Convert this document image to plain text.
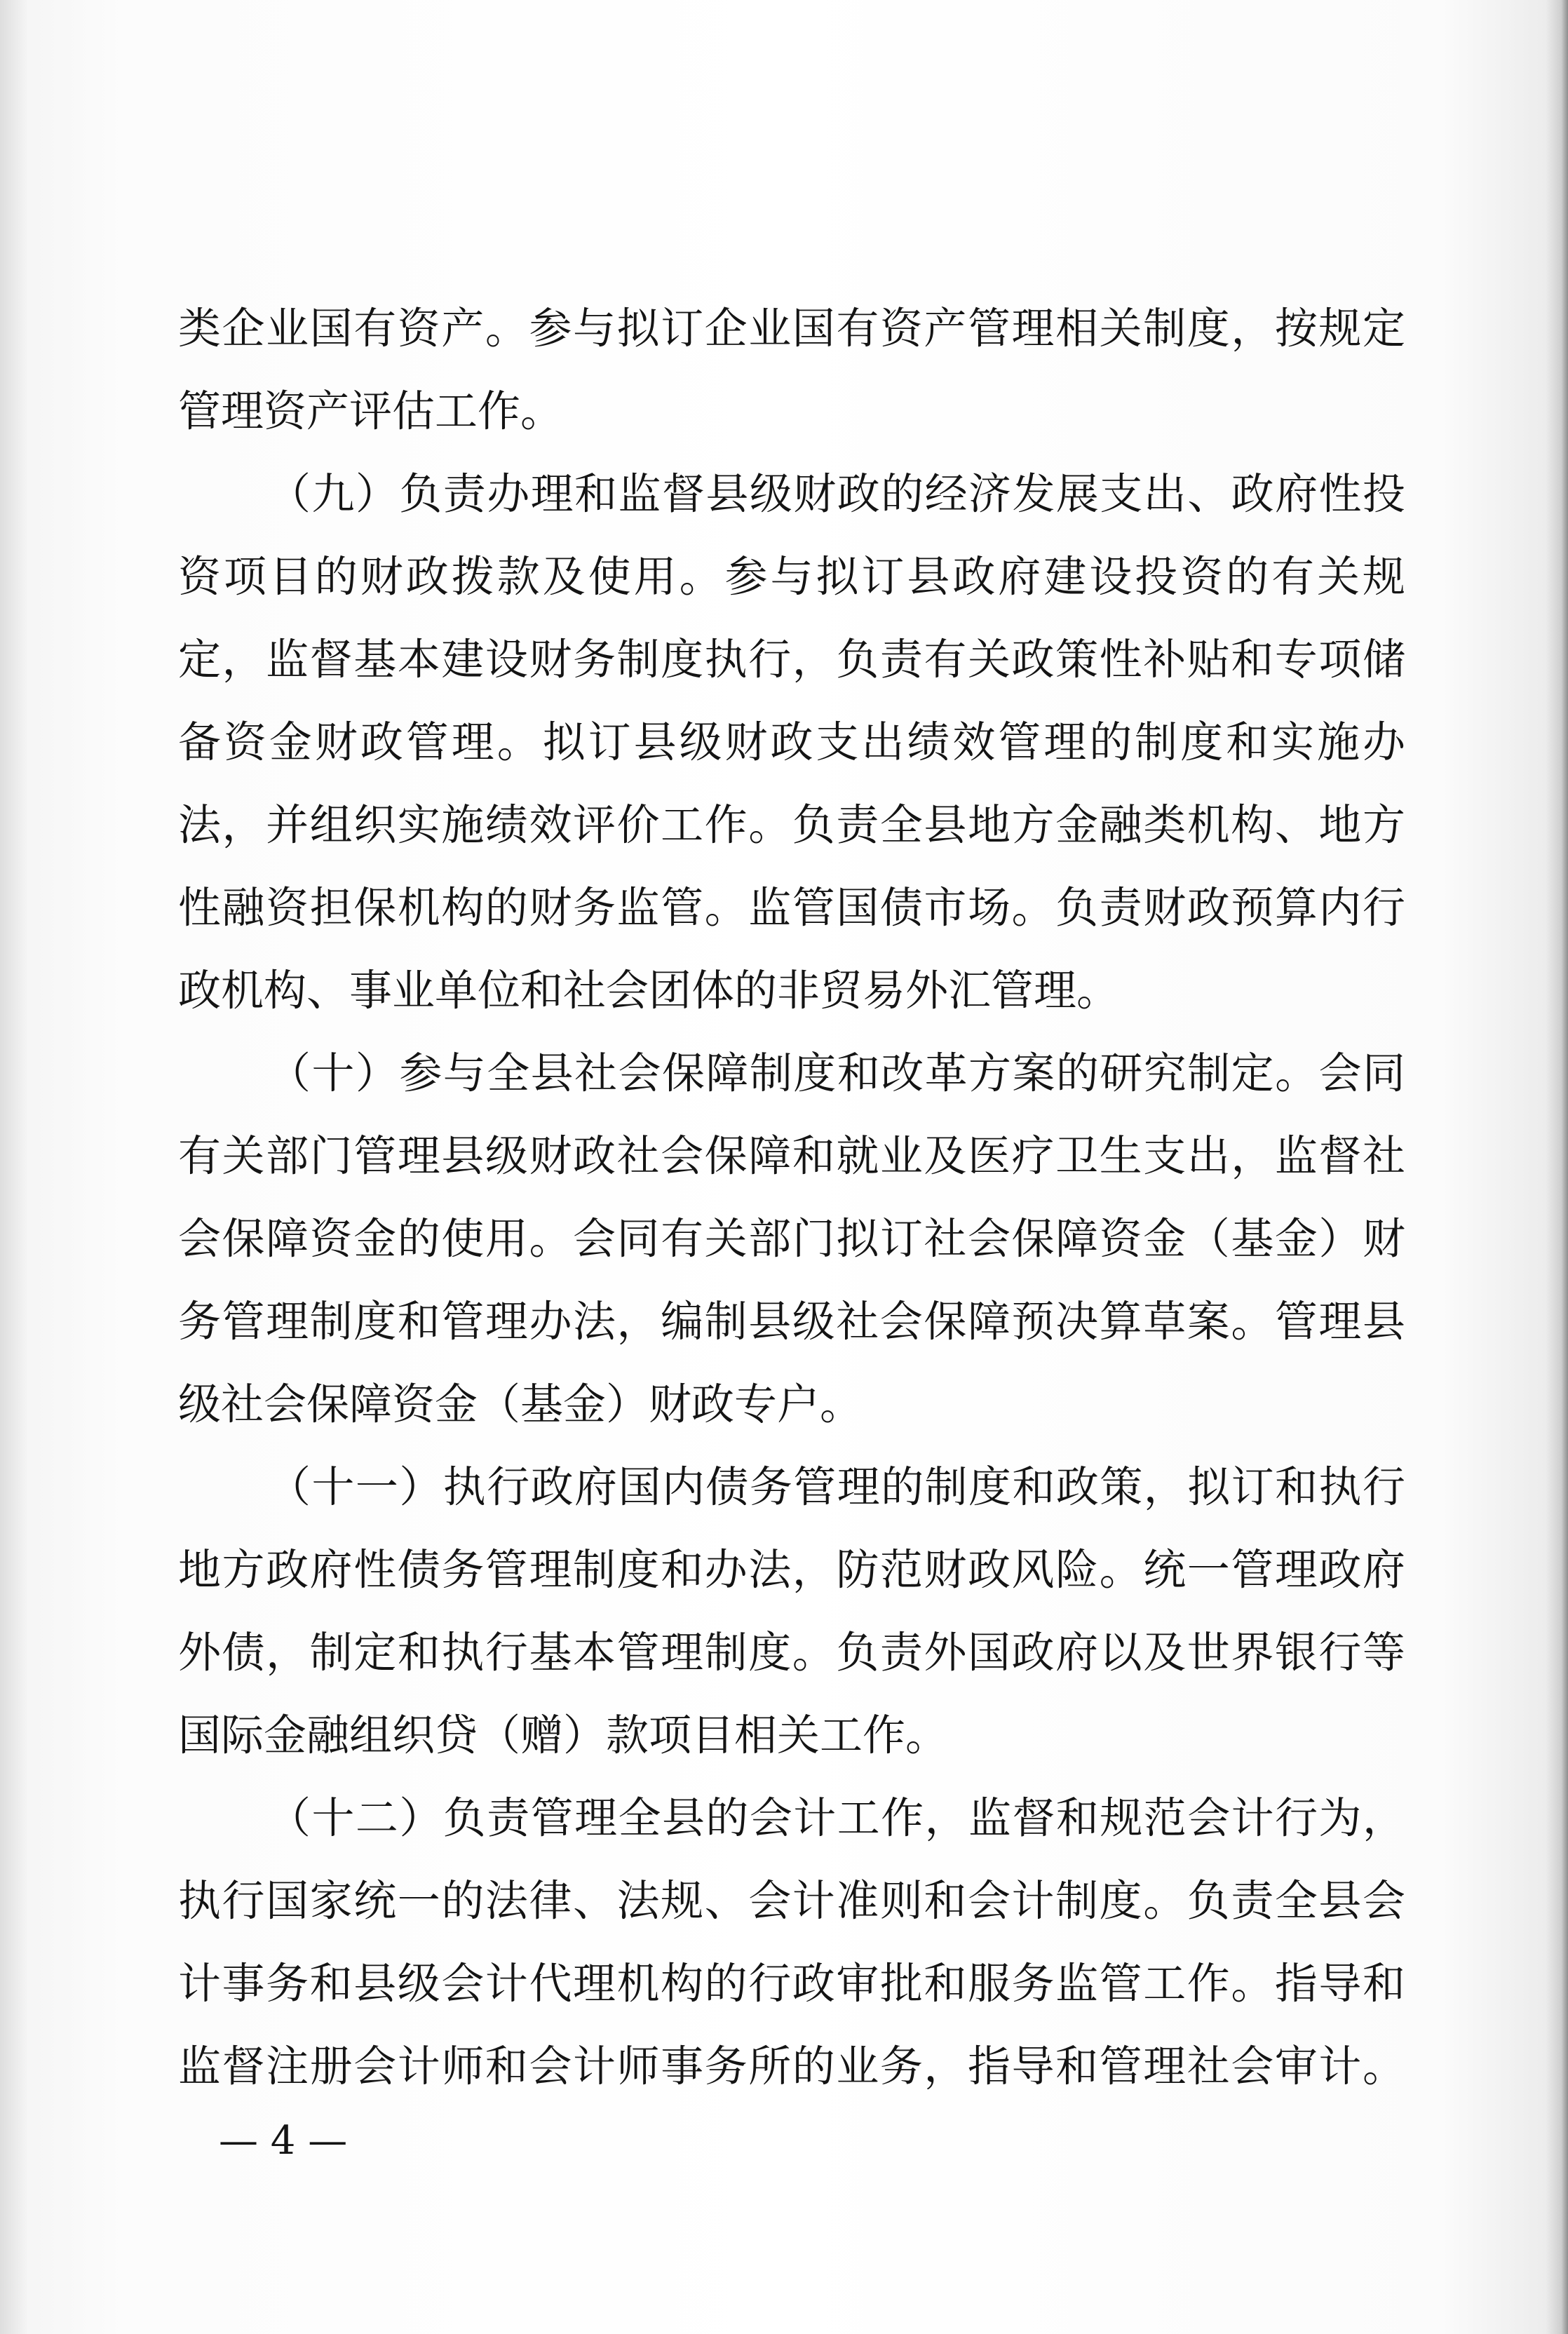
类企业国有资产。参与拟订企业国有资产管理相关制度，按规定
管理资产评估工作。
（九）负责办理和监督县级财政的经济发展支出、政府性投
资项目的财政拨款及使用。参与拟订县政府建设投资的有关规
定，监督基本建设财务制度执行，负责有关政策性补贴和专项储
备资金财政管理。拟订县级财政支出绩效管理的制度和实施办
法，并组织实施绩效评价工作。负责全县地方金融类机构、地方
性融资担保机构的财务监管。监管国债市场。负责财政预算内行
政机构、事业单位和社会团体的非贸易外汇管理。
（十）参与全县社会保障制度和改革方案的研究制定。会同
有关部门管理县级财政社会保障和就业及医疗卫生支出，监督社
会保障资金的使用。会同有关部门拟订社会保障资金（基金）财
务管理制度和管理办法，编制县级社会保障预决算草案。管理县
级社会保障资金（基金）财政专户。
（十一）执行政府国内债务管理的制度和政策，拟订和执行
地方政府性债务管理制度和办法，防范财政风险。统一管理政府
外债，制定和执行基本管理制度。负责外国政府以及世界银行等
国际金融组织贷（赠）款项目相关工作。
（十二）负责管理全县的会计工作，监督和规范会计行为，
执行国家统一的法律、法规、会计准则和会计制度。负责全县会
计事务和县级会计代理机构的行政审批和服务监管工作。指导和
监督注册会计师和会计师事务所的业务，指导和管理社会审计。
— 4 —
